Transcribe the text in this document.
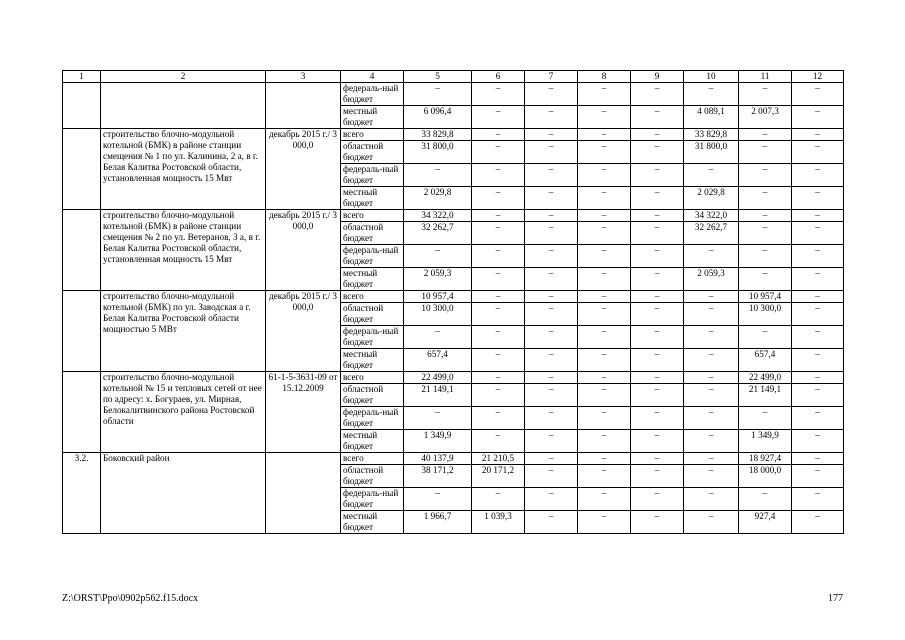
1	2	3	4	5	6	7	8	9	10	11	12
			федераль-ный бюджет	–	–	–	–	–	–	–	–
			местный бюджет	6 096,4	–	–	–	–	4 089,1	2 007,3	–
	строительство блочно-модульной котельной (БМК) в районе станции смещения № 1 по ул. Калинина, 2 а, в г. Белая Калитва Ростовской области, установленная мощность 15 Мвт	декабрь 2015 г./ 3 000,0	всего	33 829,8	–	–	–	–	33 829,8	–	–
			областной бюджет	31 800,0	–	–	–	–	31 800,0	–	–
			федераль-ный бюджет	–	–	–	–	–	–	–	–
			местный бюджет	2 029,8	–	–	–	–	2 029,8	–	–
	строительство блочно-модульной котельной (БМК) в районе станции смещения № 2 по ул. Ветеранов, 3 а, в г. Белая Калитва Ростовской области, установленная мощность 15 Мвт	декабрь 2015 г./ 3 000,0	всего	34 322,0	–	–	–	–	34 322,0	–	–
			областной бюджет	32 262,7	–	–	–	–	32 262,7	–	–
			федераль-ный бюджет	–	–	–	–	–	–	–	–
			местный бюджет	2 059,3	–	–	–	–	2 059,3	–	–
	строительство блочно-модульной котельной (БМК) по ул. Заводская а г. Белая Калитва Ростовской области мощностью 5 МВт	декабрь 2015 г./ 3 000,0	всего	10 957,4	–	–	–	–	–	10 957,4	–
			областной бюджет	10 300,0	–	–	–	–	–	10 300,0	–
			федераль-ный бюджет	–	–	–	–	–	–	–	–
			местный бюджет	657,4	–	–	–	–	–	657,4	–
	строительство блочно-модульной котельной № 15 и тепловых сетей от нее по адресу: х. Богураев, ул. Мирная, Белокалитвинского района Ростовской области	61-1-5-3631-09 от 15.12.2009	всего	22 499,0	–	–	–	–	–	22 499,0	–
			областной бюджет	21 149,1	–	–	–	–	–	21 149,1	–
			федераль-ный бюджет	–	–	–	–	–	–	–	–
			местный бюджет	1 349,9	–	–	–	–	–	1 349,9	–
3.2.	Боковский район		всего	40 137,9	21 210,5	–	–	–	–	18 927,4	–
			областной бюджет	38 171,2	20 171,2	–	–	–	–	18 000,0	–
			федераль-ный бюджет	–	–	–	–	–	–	–	–
			местный бюджет	1 966,7	1 039,3	–	–	–	–	927,4	–
Z:\ORST\Ppo\0902p562.f15.docx	177
